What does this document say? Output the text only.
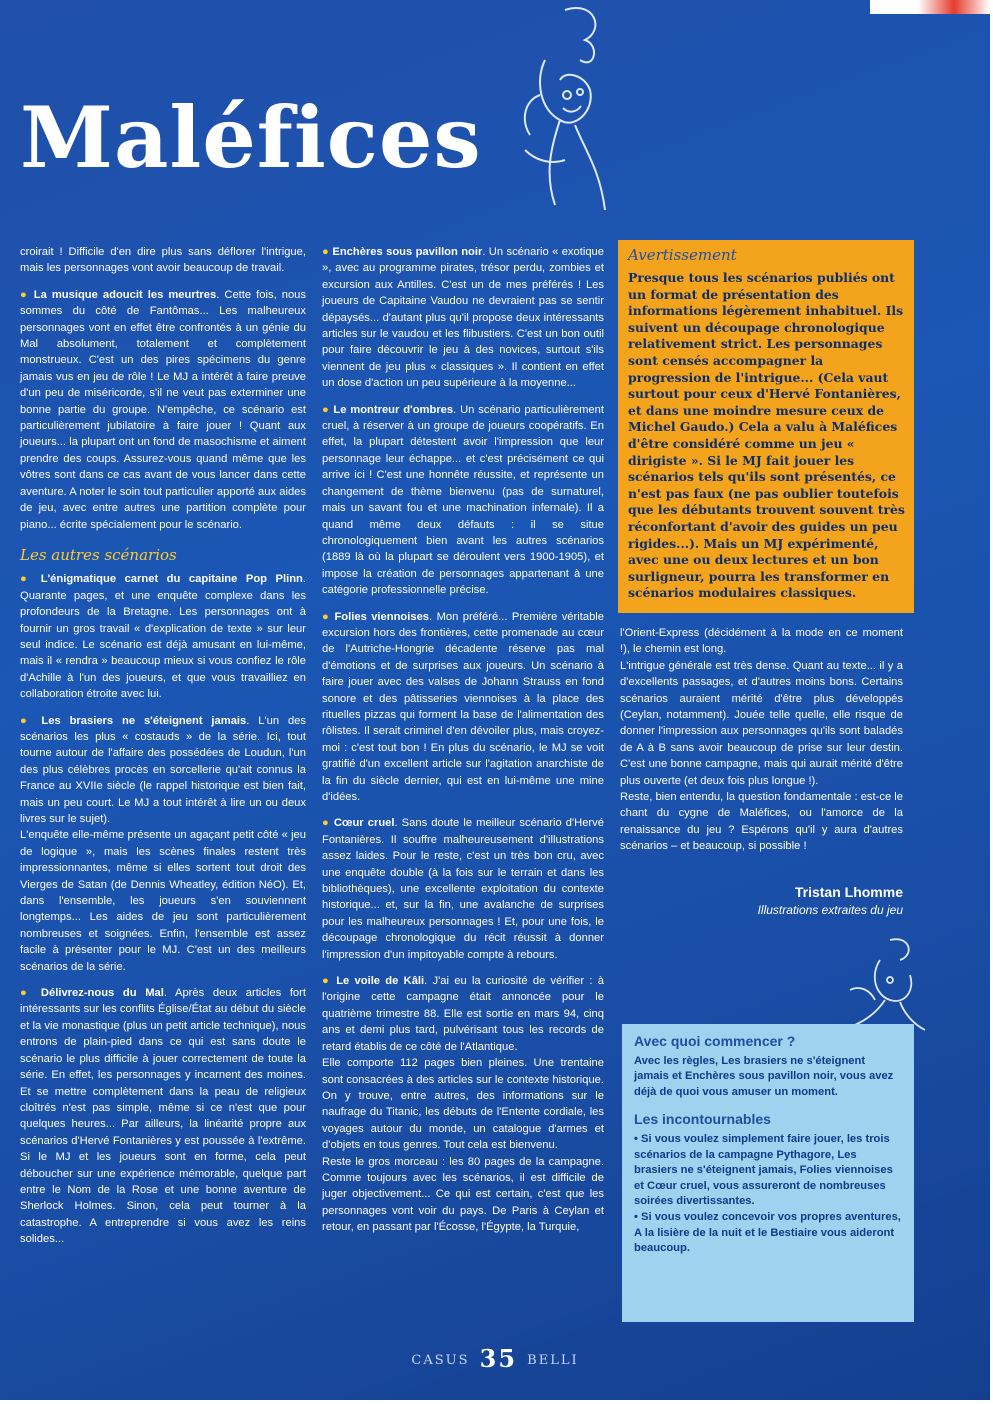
Maléfices

croirait ! Difficile d'en dire plus sans déflorer l'intrigue, mais les personnages vont avoir beaucoup de travail.

● La musique adoucit les meurtres. Cette fois, nous sommes du côté de Fantômas... Les malheureux personnages vont en effet être confrontés à un génie du Mal absolument, totalement et complètement monstrueux. C'est un des pires spécimens du genre jamais vus en jeu de rôle ! Le MJ a intérêt à faire preuve d'un peu de miséricorde, s'il ne veut pas exterminer une bonne partie du groupe. N'empêche, ce scénario est particulièrement jubilatoire à faire jouer ! Quant aux joueurs... la plupart ont un fond de masochisme et aiment prendre des coups. Assurez-vous quand même que les vôtres sont dans ce cas avant de vous lancer dans cette aventure. A noter le soin tout particulier apporté aux aides de jeu, avec entre autres une partition complète pour piano... écrite spécialement pour le scénario.

Les autres scénarios

● L'énigmatique carnet du capitaine Pop Plinn. Quarante pages, et une enquête complexe dans les profondeurs de la Bretagne. Les personnages ont à fournir un gros travail « d'explication de texte » sur leur seul indice. Le scénario est déjà amusant en lui-même, mais il « rendra » beaucoup mieux si vous confiez le rôle d'Achille à l'un des joueurs, et que vous travailliez en collaboration étroite avec lui.

● Les brasiers ne s'éteignent jamais. L'un des scénarios les plus « costauds » de la série. Ici, tout tourne autour de l'affaire des possédées de Loudun, l'un des plus célèbres procès en sorcellerie qu'ait connus la France au XVIIe siècle (le rappel historique est bien fait, mais un peu court. Le MJ a tout intérêt à lire un ou deux livres sur le sujet).

L'enquête elle-même présente un agaçant petit côté « jeu de logique », mais les scènes finales restent très impressionnantes, même si elles sortent tout droit des Vierges de Satan (de Dennis Wheatley, édition NéO). Et, dans l'ensemble, les joueurs s'en souviennent longtemps... Les aides de jeu sont particulièrement nombreuses et soignées. Enfin, l'ensemble est assez facile à présenter pour le MJ. C'est un des meilleurs scénarios de la série.

● Délivrez-nous du Mal. Après deux articles fort intéressants sur les conflits Église/État au début du siècle et la vie monastique (plus un petit article technique), nous entrons de plain-pied dans ce qui est sans doute le scénario le plus difficile à jouer correctement de toute la série. En effet, les personnages y incarnent des moines. Et se mettre complètement dans la peau de religieux cloîtrés n'est pas simple, même si ce n'est que pour quelques heures... Par ailleurs, la linéarité propre aux scénarios d'Hervé Fontanières y est poussée à l'extrême. Si le MJ et les joueurs sont en forme, cela peut déboucher sur une expérience mémorable, quelque part entre le Nom de la Rose et une bonne aventure de Sherlock Holmes. Sinon, cela peut tourner à la catastrophe. A entreprendre si vous avez les reins solides...

● Enchères sous pavillon noir. Un scénario « exotique », avec au programme pirates, trésor perdu, zombies et excursion aux Antilles. C'est un de mes préférés ! Les joueurs de Capitaine Vaudou ne devraient pas se sentir dépaysés... d'autant plus qu'il propose deux intéressants articles sur le vaudou et les flibustiers. C'est un bon outil pour faire découvrir le jeu à des novices, surtout s'ils viennent de jeu plus « classiques ». Il contient en effet un dose d'action un peu supérieure à la moyenne...

● Le montreur d'ombres. Un scénario particulièrement cruel, à réserver à un groupe de joueurs coopératifs. En effet, la plupart détestent avoir l'impression que leur personnage leur échappe... et c'est précisément ce qui arrive ici ! C'est une honnête réussite, et représente un changement de thème bienvenu (pas de surnaturel, mais un savant fou et une machination infernale). Il a quand même deux défauts : il se situe chronologiquement bien avant les autres scénarios (1889 là où la plupart se déroulent vers 1900-1905), et impose la création de personnages appartenant à une catégorie professionnelle précise.

● Folies viennoises. Mon préféré... Première véritable excursion hors des frontières, cette promenade au cœur de l'Autriche-Hongrie décadente réserve pas mal d'émotions et de surprises aux joueurs. Un scénario à faire jouer avec des valses de Johann Strauss en fond sonore et des pâtisseries viennoises à la place des rituelles pizzas qui forment la base de l'alimentation des rôlistes. Il serait criminel d'en dévoiler plus, mais croyez-moi : c'est tout bon ! En plus du scénario, le MJ se voit gratifié d'un excellent article sur l'agitation anarchiste de la fin du siècle dernier, qui est en lui-même une mine d'idées.

● Cœur cruel. Sans doute le meilleur scénario d'Hervé Fontanières. Il souffre malheureusement d'illustrations assez laides. Pour le reste, c'est un très bon cru, avec une enquête double (à la fois sur le terrain et dans les bibliothèques), une excellente exploitation du contexte historique... et, sur la fin, une avalanche de surprises pour les malheureux personnages ! Et, pour une fois, le découpage chronologique du récit réussit à donner l'impression d'un impitoyable compte à rebours.

● Le voile de Kâli. J'ai eu la curiosité de vérifier : à l'origine cette campagne était annoncée pour le quatrième trimestre 88. Elle est sortie en mars 94, cinq ans et demi plus tard, pulvérisant tous les records de retard établis de ce côté de l'Atlantique.

Elle comporte 112 pages bien pleines. Une trentaine sont consacrées à des articles sur le contexte historique. On y trouve, entre autres, des informations sur le naufrage du Titanic, les débuts de l'Entente cordiale, les voyages autour du monde, un catalogue d'armes et d'objets en tous genres. Tout cela est bienvenu.

Reste le gros morceau : les 80 pages de la campagne. Comme toujours avec les scénarios, il est difficile de juger objectivement... Ce qui est certain, c'est que les personnages vont voir du pays. De Paris à Ceylan et retour, en passant par l'Écosse, l'Égypte, la Turquie,

Avertissement
Presque tous les scénarios publiés ont un format de présentation des informations légèrement inhabituel. Ils suivent un découpage chronologique relativement strict. Les personnages sont censés accompagner la progression de l'intrigue... (Cela vaut surtout pour ceux d'Hervé Fontanières, et dans une moindre mesure ceux de Michel Gaudo.) Cela a valu à Maléfices d'être considéré comme un jeu « dirigiste ». Si le MJ fait jouer les scénarios tels qu'ils sont présentés, ce n'est pas faux (ne pas oublier toutefois que les débutants trouvent souvent très réconfortant d'avoir des guides un peu rigides...). Mais un MJ expérimenté, avec une ou deux lectures et un bon surligneur, pourra les transformer en scénarios modulaires classiques.

l'Orient-Express (décidément à la mode en ce moment !), le chemin est long.

L'intrigue générale est très dense. Quant au texte... il y a d'excellents passages, et d'autres moins bons. Certains scénarios auraient mérité d'être plus développés (Ceylan, notamment). Jouée telle quelle, elle risque de donner l'impression aux personnages qu'ils sont baladés de A à B sans avoir beaucoup de prise sur leur destin. C'est une bonne campagne, mais qui aurait mérité d'être plus ouverte (et deux fois plus longue !).

Reste, bien entendu, la question fondamentale : est-ce le chant du cygne de Maléfices, ou l'amorce de la renaissance du jeu ? Espérons qu'il y aura d'autres scénarios – et beaucoup, si possible !

Tristan Lhomme
Illustrations extraites du jeu
Avec quoi commencer ?
Avec les règles, Les brasiers ne s'éteignent jamais et Enchères sous pavillon noir, vous avez déjà de quoi vous amuser un moment.
Les incontournables
• Si vous voulez simplement faire jouer, les trois scénarios de la campagne Pythagore, Les brasiers ne s'éteignent jamais, Folies viennoises et Cœur cruel, vous assureront de nombreuses soirées divertissantes.
• Si vous voulez concevoir vos propres aventures, A la lisière de la nuit et le Bestiaire vous aideront beaucoup.
CASUS 35 BELLI
